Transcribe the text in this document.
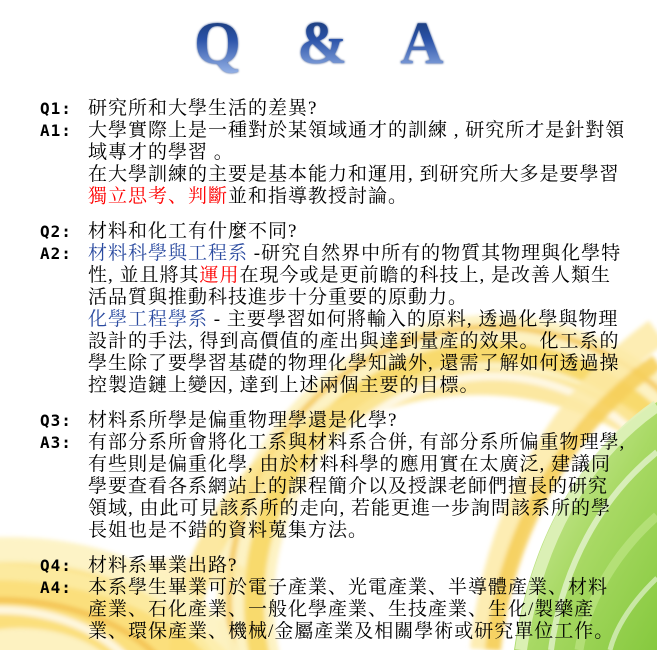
Q & A
Q1: 研究所和大學生活的差異?
A1: 大學實際上是一種對於某領域通才的訓練 , 研究所才是針對領域專才的學習 。

在大學訓練的主要是基本能力和運用, 到研究所大多是要學習獨立思考、判斷並和指導教授討論。

Q2: 材料和化工有什麼不同?
A2: 材料科學與工程系 -研究自然界中所有的物質其物理與化學特性, 並且將其運用在現今或是更前瞻的科技上, 是改善人類生活品質與推動科技進步十分重要的原動力。

化學工程學系 - 主要學習如何將輸入的原料, 透過化學與物理設計的手法, 得到高價值的產出與達到量產的效果。化工系的學生除了要學習基礎的物理化學知識外, 還需了解如何透過操控製造鏈上變因, 達到上述兩個主要的目標。

Q3: 材料系所學是偏重物理學還是化學?
A3: 有部分系所會將化工系與材料系合併, 有部分系所偏重物理學, 有些則是偏重化學, 由於材料科學的應用實在太廣泛, 建議同學要查看各系網站上的課程簡介以及授課老師們擅長的研究領域, 由此可見該系所的走向, 若能更進一步詢問該系所的學長姐也是不錯的資料蒐集方法。

Q4: 材料系畢業出路?
A4: 本系學生畢業可於電子產業、光電產業、半導體產業、材料產業、石化產業、一般化學產業、生技產業、生化/製藥產業、環保產業、機械/金屬產業及相關學術或研究單位工作。
